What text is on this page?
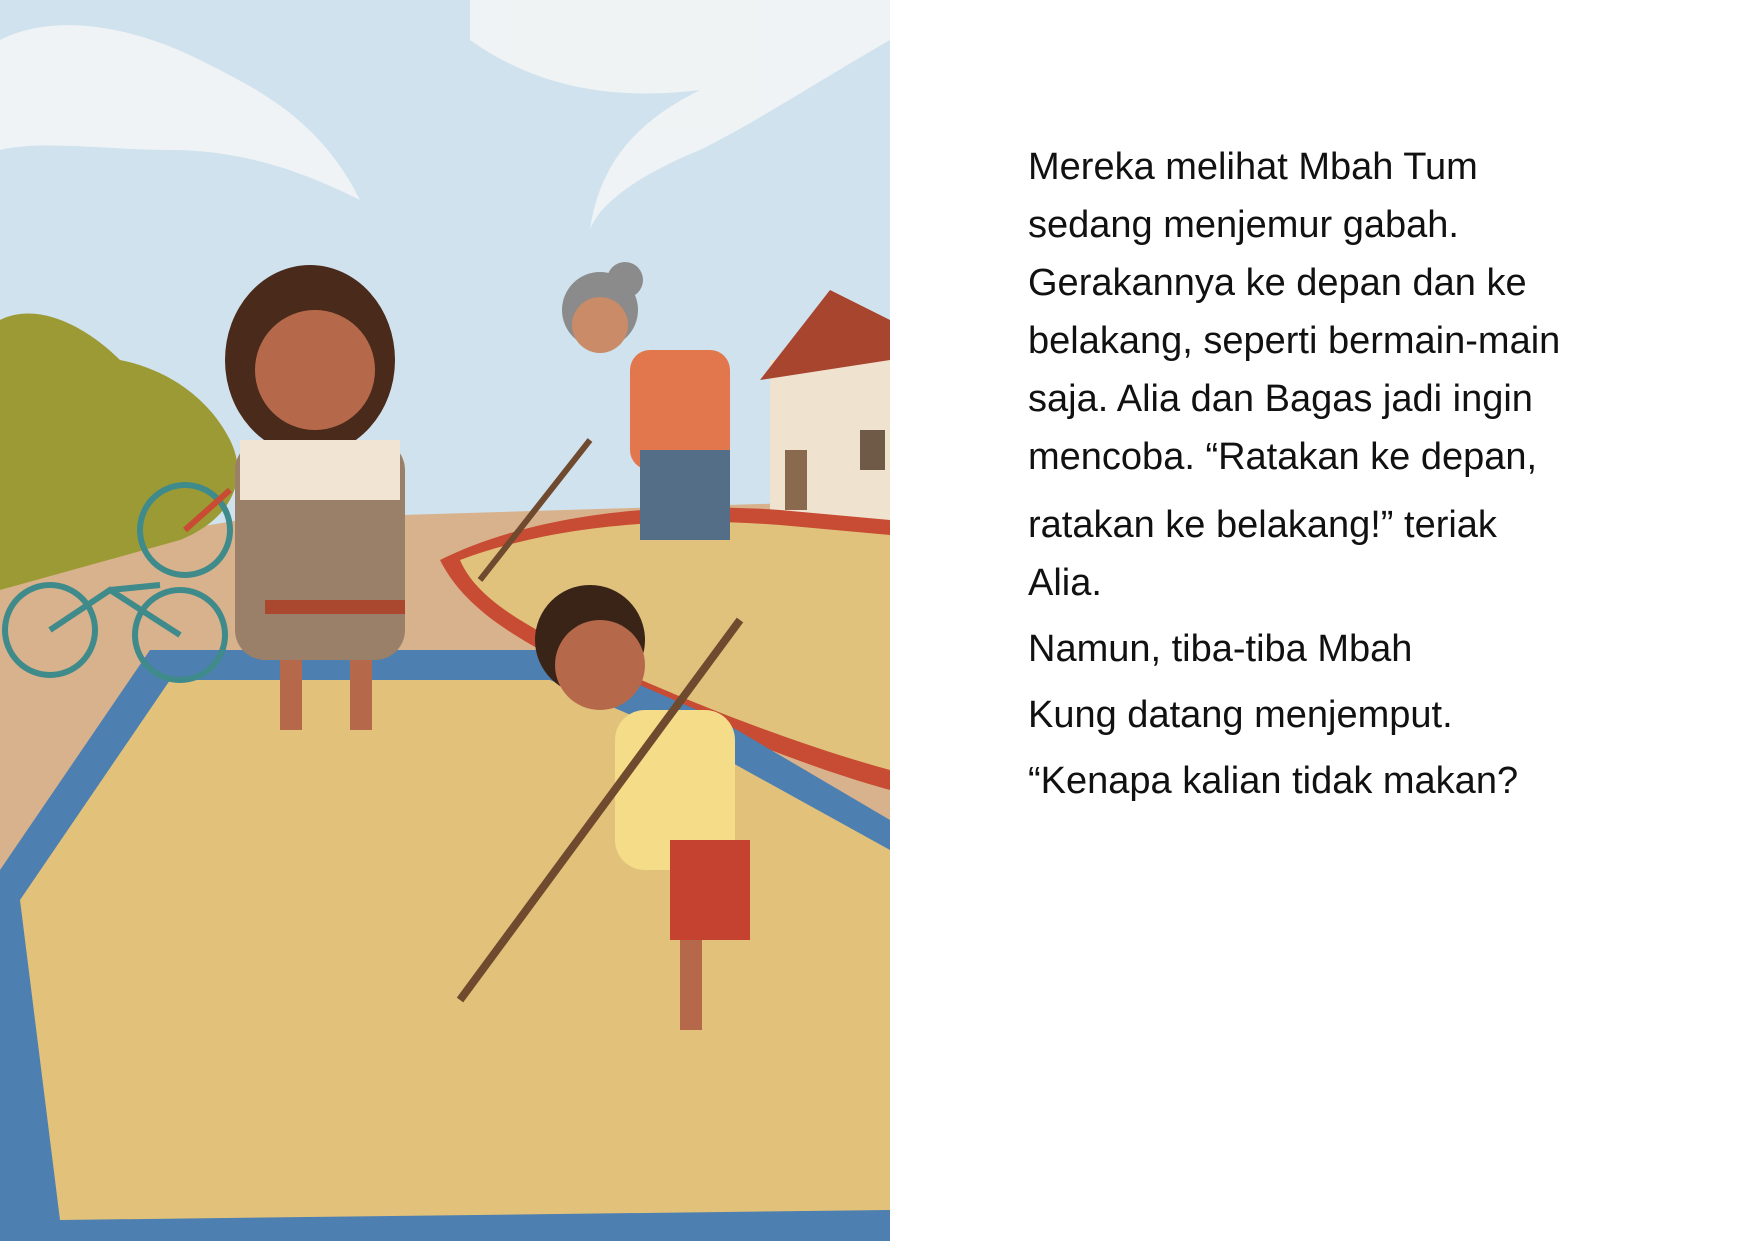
Mereka melihat Mbah Tum

sedang menjemur gabah.

Gerakannya ke depan dan ke

belakang, seperti bermain-main

saja. Alia dan Bagas jadi ingin

mencoba. “Ratakan ke depan,

ratakan ke belakang!” teriak

Alia.

Namun, tiba-tiba Mbah

Kung datang menjemput.

“Kenapa kalian tidak makan?
